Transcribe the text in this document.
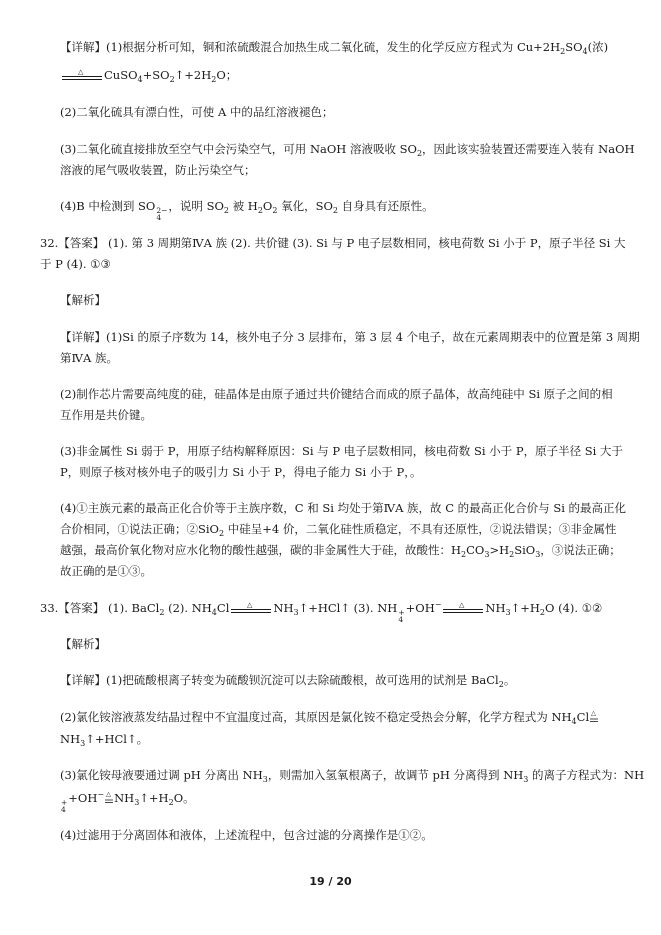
【详解】(1)根据分析可知，铜和浓硫酸混合加热生成二氧化硫，发生的化学反应方程式为 $Cu+2H_2SO_4$(浓)
△ $CuSO_4+SO_2↑+2H_2O$；
(2)二氧化硫具有漂白性，可使 A 中的品红溶液褪色；
(3)二氧化硫直接排放至空气中会污染空气，可用 NaOH 溶液吸收 $SO_2$，因此该实验装置还需要连入装有 NaOH
溶液的尾气吸收装置，防止污染空气；
(4)B 中检测到 SO 2−
4
，说明 $SO_2$ 被 $H_2O_2$ 氧化，$SO_2$ 自身具有还原性。
32.【答案】 (1). 第 3 周期第ⅣA 族 (2). 共价键 (3). Si 与 P 电子层数相同，核电荷数 Si 小于 P，原子半径 Si 大
于 P (4). ①③
【解析】
【详解】(1)Si 的原子序数为 14，核外电子分 3 层排布，第 3 层 4 个电子，故在元素周期表中的位置是第 3 周期
第ⅣA 族。
(2)制作芯片需要高纯度的硅，硅晶体是由原子通过共价键结合而成的原子晶体，故高纯硅中 Si 原子之间的相
互作用是共价键。
(3)非金属性 Si 弱于 P，用原子结构解释原因：Si 与 P 电子层数相同，核电荷数 Si 小于 P，原子半径 Si 大于
P，则原子核对核外电子的吸引力 Si 小于 P，得电子能力 Si 小于 P，。
(4)①主族元素的最高正化合价等于主族序数，C 和 Si 均处于第ⅣA 族，故 C 的最高正化合价与 Si 的最高正化
合价相同，①说法正确；②SiO$_2$ 中硅呈+4 价，二氧化硅性质稳定，不具有还原性，②说法错误；③非金属性
越强，最高价氧化物对应水化物的酸性越强，碳的非金属性大于硅，故酸性：$H_2CO_3>H_2SiO_3$，③说法正确；
故正确的是①③。
33.【答案】 (1). BaCl$_2$ (2). $NH_4Cl$	△ $NH_3↑+HCl↑$ (3). NH +
4
+OH−	△ $NH_3↑+H_2O$ (4). ①②
【解析】
【详解】(1)把硫酸根离子转变为硫酸钡沉淀可以去除硫酸根，故可选用的试剂是 BaCl$_2$。
(2)氯化铵溶液蒸发结晶过程中不宜温度过高，其原因是氯化铵不稳定受热会分解，化学方程式为 $NH_4Cl$ △
$NH_3↑+HCl↑$。
(3)氯化铵母液要通过调 pH 分离出 $NH_3$，则需加入氢氧根离子，故调节 pH 分离得到 $NH_3$ 的离子方程式为：NH
+
4
+OH− △ $NH_3↑+H_2O$。
(4)过滤用于分离固体和液体，上述流程中，包含过滤的分离操作是①②。
19 / 20
